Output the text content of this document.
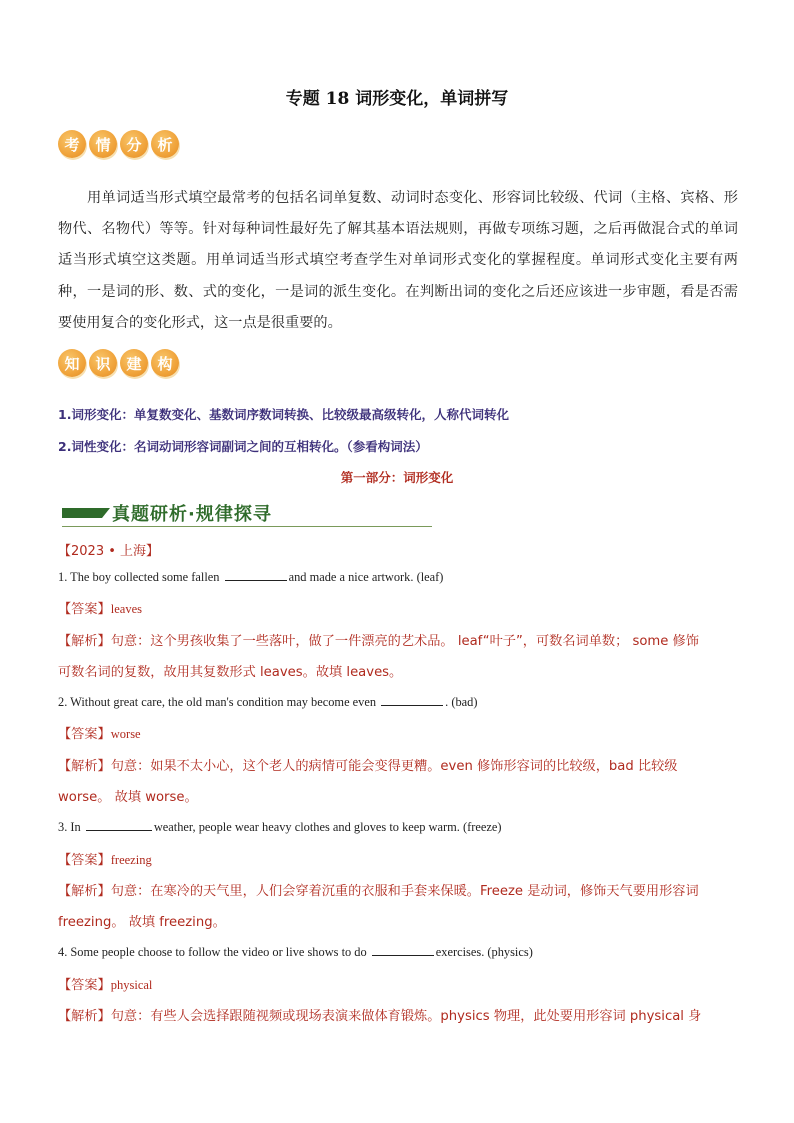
专题 18 词形变化，单词拼写
考	情	分	析

用单词适当形式填空最常考的包括名词单复数、动词时态变化、形容词比较级、代词（主格、宾格、形物代、名物代）等等。针对每种词性最好先了解其基本语法规则，再做专项练习题，之后再做混合式的单词适当形式填空这类题。用单词适当形式填空考查学生对单词形式变化的掌握程度。单词形式变化主要有两种，一是词的形、数、式的变化，一是词的派生变化。在判断出词的变化之后还应该进一步审题，看是否需要使用复合的变化形式，这一点是很重要的。

知	识	建	构
1.词形变化：单复数变化、基数词序数词转换、比较级最高级转化，人称代词转化
2.词性变化：名词动词形容词副词之间的互相转化。（参看构词法）
第一部分：词形变化
真题研析·规律探寻
【2023 • 上海】
1. The boy collected some fallen	and made a nice artwork. (leaf)
【答案】leaves
【解析】句意：这个男孩收集了一些落叶，做了一件漂亮的艺术品。 leaf“叶子”，可数名词单数； some 修饰
可数名词的复数，故用其复数形式 leaves。故填 leaves。
2. Without great care, the old man's condition may become even	. (bad)
【答案】worse
【解析】句意：如果不太小心，这个老人的病情可能会变得更糟。even 修饰形容词的比较级，bad 比较级
worse。 故填 worse。
3. In	weather, people wear heavy clothes and gloves to keep warm. (freeze)
【答案】freezing
【解析】句意：在寒冷的天气里，人们会穿着沉重的衣服和手套来保暖。Freeze 是动词，修饰天气要用形容词
freezing。 故填 freezing。
4. Some people choose to follow the video or live shows to do	exercises. (physics)
【答案】physical
【解析】句意：有些人会选择跟随视频或现场表演来做体育锻炼。physics 物理，此处要用形容词 physical 身
